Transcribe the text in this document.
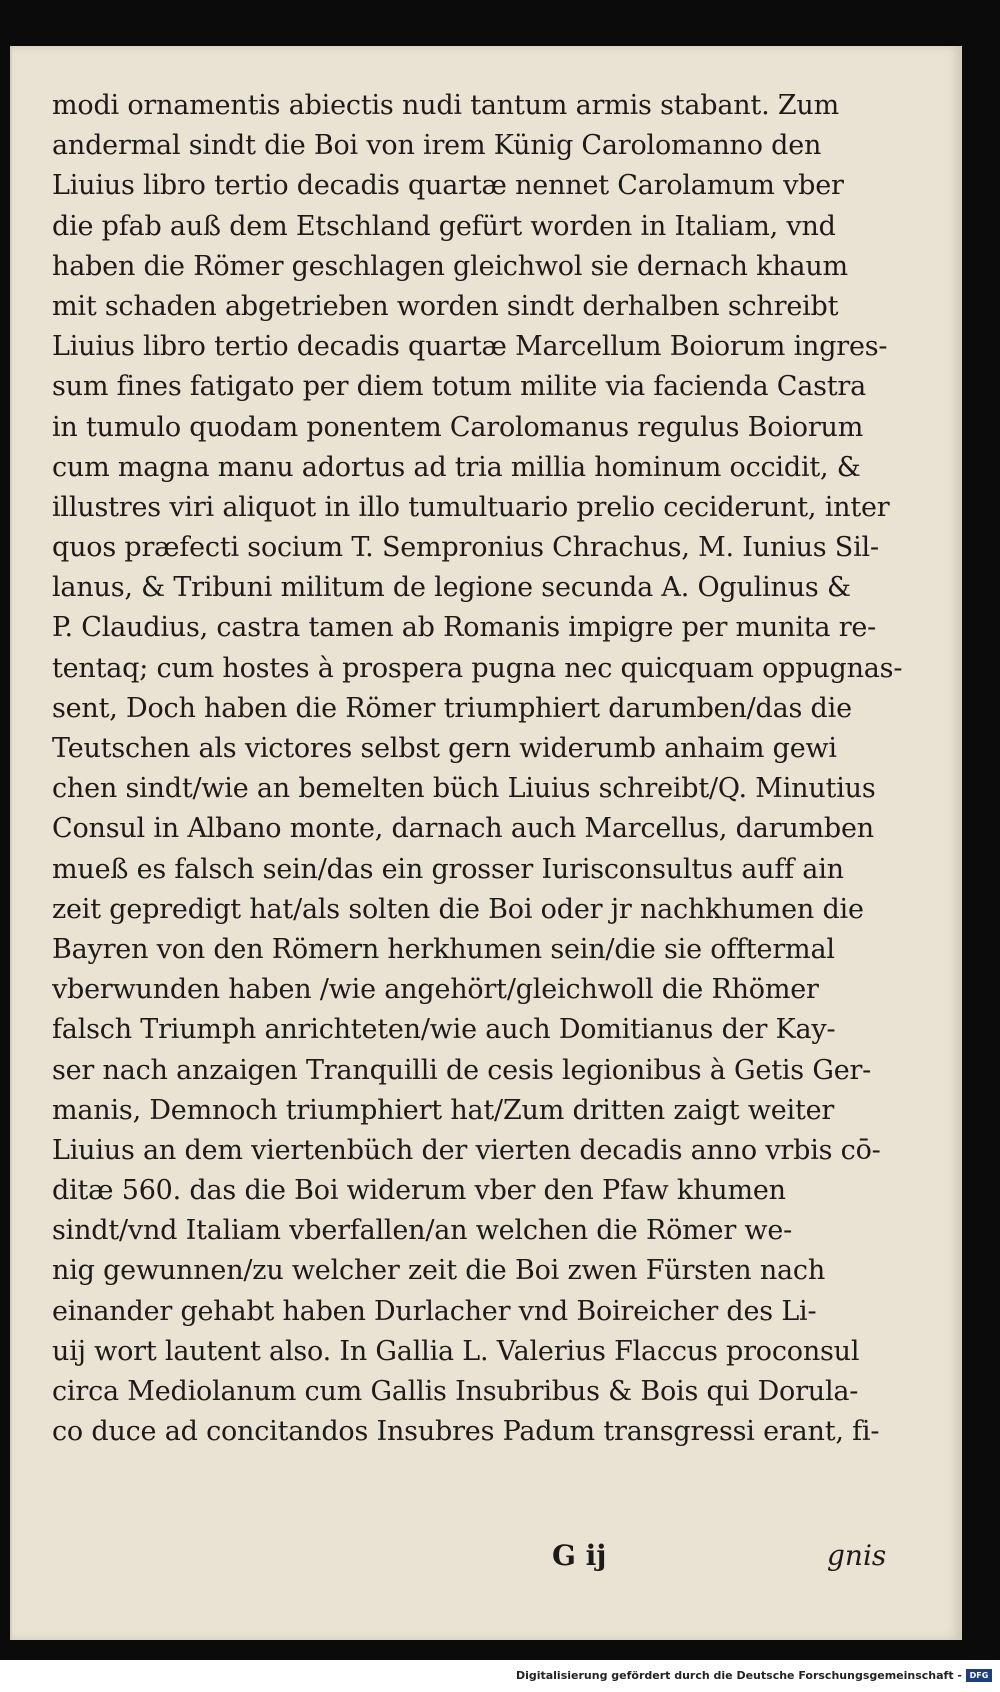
modi ornamentis abiectis nudi tantum armis stabant. Zum
andermal sindt die Boi von irem Künig Carolomanno den
Liuius libro tertio decadis quartæ nennet Carolamum vber
die pfab auß dem Etschland gefürt worden in Italiam, vnd
haben die Römer geschlagen gleichwol sie dernach khaum
mit schaden abgetrieben worden sindt derhalben schreibt
Liuius libro tertio decadis quartæ Marcellum Boiorum ingres-
sum fines fatigato per diem totum milite via facienda Castra
in tumulo quodam ponentem Carolomanus regulus Boiorum
cum magna manu adortus ad tria millia hominum occidit, &
illustres viri aliquot in illo tumultuario prelio ceciderunt, inter
quos præfecti socium T. Sempronius Chrachus, M. Iunius Sil-
lanus, & Tribuni militum de legione secunda A. Ogulinus &
P. Claudius, castra tamen ab Romanis impigre per munita re-
tentaq; cum hostes à prospera pugna nec quicquam oppugnas-
sent, Doch haben die Römer triumphiert darumben/das die
Teutschen als victores selbst gern widerumb anhaim gewi
chen sindt/wie an bemelten büch Liuius schreibt/Q. Minutius
Consul in Albano monte, darnach auch Marcellus, darumben
mueß es falsch sein/das ein grosser Iurisconsultus auff ain
zeit gepredigt hat/als solten die Boi oder jr nachkhumen die
Bayren von den Römern herkhumen sein/die sie offtermal
vberwunden haben /wie angehört/gleichwoll die Rhömer
falsch Triumph anrichteten/wie auch Domitianus der Kay-
ser nach anzaigen Tranquilli de cesis legionibus à Getis Ger-
manis, Demnoch triumphiert hat/Zum dritten zaigt weiter
Liuius an dem viertenbüch der vierten decadis anno vrbis cō-
ditæ 560. das die Boi widerum vber den Pfaw khumen
sindt/vnd Italiam vberfallen/an welchen die Römer we-
nig gewunnen/zu welcher zeit die Boi zwen Fürsten nach
einander gehabt haben Durlacher vnd Boireicher des Li-
uij wort lautent also. In Gallia L. Valerius Flaccus proconsul
circa Mediolanum cum Gallis Insubribus & Bois qui Dorula-
co duce ad concitandos Insubres Padum transgressi erant, fi-
G ij	gnis
Digitalisierung gefördert durch die Deutsche Forschungsgemeinschaft - DFG
